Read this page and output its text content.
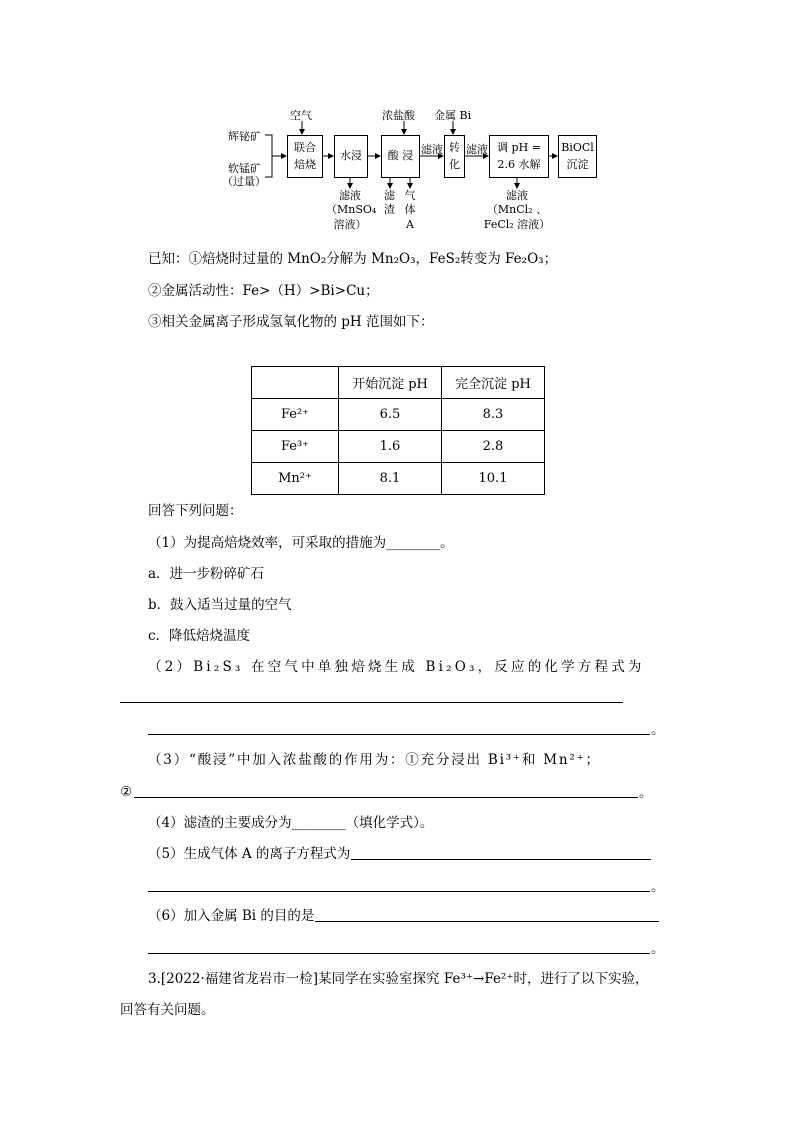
辉铋矿
软锰矿
（过量）
空气	浓盐酸 金属 Bi
联合
焙烧
水浸 酸 浸 滤液 转
化
滤液 调 pH =
2.6 水解
BiOCl
沉淀
滤液
（MnSO₄
溶液）
滤
渣
气
体
A
滤液
（MnCl₂ 、
FeCl₂ 溶液）
已知：①焙烧时过量的 MnO₂分解为 Mn₂O₃，FeS₂转变为 Fe₂O₃；
②金属活动性：Fe>（H）>Bi>Cu；
③相关金属离子形成氢氧化物的 pH 范围如下：
	开始沉淀 pH	完全沉淀 pH
Fe²⁺	6.5	8.3
Fe³⁺	1.6	2.8
Mn²⁺	8.1	10.1
回答下列问题：
（1）为提高焙烧效率，可采取的措施为________。
a．进一步粉碎矿石
b．鼓入适当过量的空气
c．降低焙烧温度
（2）Bi₂S₃ 在空气中单独焙烧生成 Bi₂O₃，反应的化学方程式为
。
（3）“酸浸”中加入浓盐酸的作用为：①充分浸出 Bi³⁺和 Mn²⁺；
②	。
（4）滤渣的主要成分为________（填化学式）。
（5）生成气体 A 的离子方程式为
。
（6）加入金属 Bi 的目的是
。
3.[2022·福建省龙岩市一检]某同学在实验室探究 Fe³⁺→Fe²⁺时，进行了以下实验，
回答有关问题。
